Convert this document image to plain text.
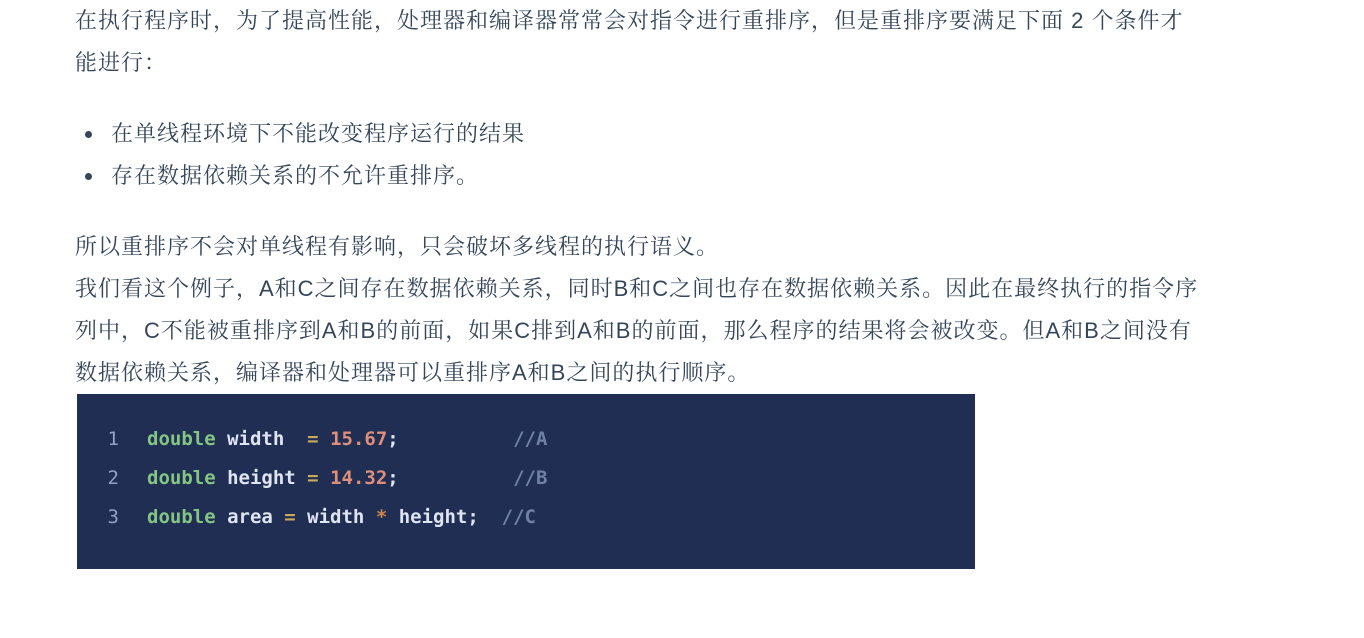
在执行程序时，为了提高性能，处理器和编译器常常会对指令进行重排序，但是重排序要满足下面 2 个条件才能进行：

• 在单线程环境下不能改变程序运行的结果
• 存在数据依赖关系的不允许重排序。

所以重排序不会对单线程有影响，只会破坏多线程的执行语义。

我们看这个例子，A和C之间存在数据依赖关系，同时B和C之间也存在数据依赖关系。因此在最终执行的指令序列中，C不能被重排序到A和B的前面，如果C排到A和B的前面，那么程序的结果将会被改变。但A和B之间没有数据依赖关系，编译器和处理器可以重排序A和B之间的执行顺序。

1 double width  = 15.67;	//A
2 double height = 14.32;	//B
3 double area = width * height; //C
